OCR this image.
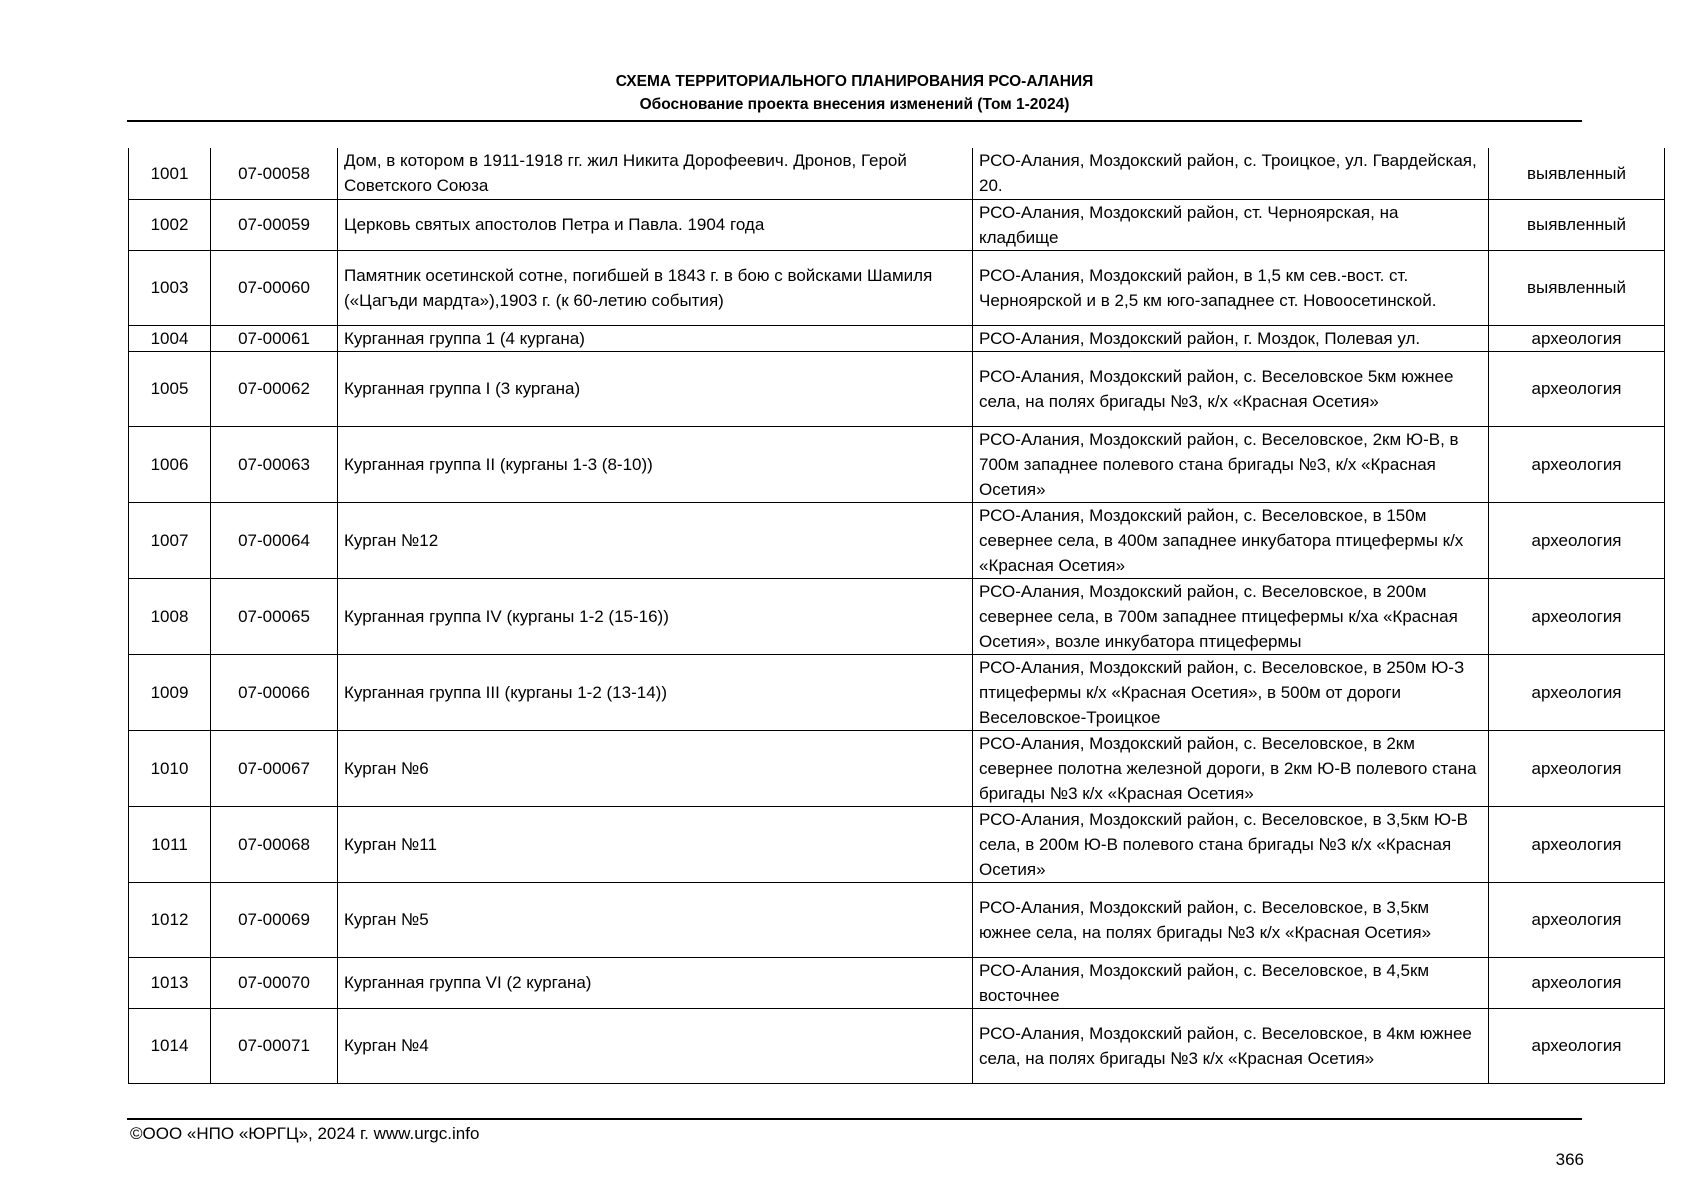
СХЕМА ТЕРРИТОРИАЛЬНОГО ПЛАНИРОВАНИЯ РСО-АЛАНИЯ
Обоснование проекта внесения изменений (Том 1-2024)
1001	07-00058	Дом, в котором в 1911-1918 гг. жил Никита Дорофеевич. Дронов, Герой Советского Союза	РСО-Алания, Моздокский район, с. Троицкое, ул. Гвардейская, 20.	выявленный
1002	07-00059	Церковь святых апостолов Петра и Павла. 1904 года	РСО-Алания, Моздокский район, ст. Черноярская, на кладбище	выявленный
1003	07-00060	Памятник осетинской сотне, погибшей в 1843 г. в бою с войсками Шамиля («Цагъди мардта»),1903 г. (к 60-летию события)	РСО-Алания, Моздокский район, в 1,5 км сев.-вост. ст. Черноярской и в 2,5 км юго-западнее ст. Новоосетинской.	выявленный
1004	07-00061	Курганная группа 1 (4 кургана)	РСО-Алания, Моздокский район, г. Моздок, Полевая ул.	археология
1005	07-00062	Курганная группа I (3 кургана)	РСО-Алания, Моздокский район, с. Веселовское 5км южнее села, на полях бригады №3, к/х «Красная Осетия»	археология
1006	07-00063	Курганная группа II (курганы 1-3 (8-10))	РСО-Алания, Моздокский район, с. Веселовское, 2км Ю-В, в 700м западнее полевого стана бригады №3, к/х «Красная Осетия»	археология
1007	07-00064	Курган №12	РСО-Алания, Моздокский район, с. Веселовское, в 150м севернее села, в 400м западнее инкубатора птицефермы к/х «Красная Осетия»	археология
1008	07-00065	Курганная группа IV (курганы 1-2 (15-16))	РСО-Алания, Моздокский район, с. Веселовское, в 200м севернее села, в 700м западнее птицефермы к/ха «Красная Осетия», возле инкубатора птицефермы	археология
1009	07-00066	Курганная группа III (курганы 1-2 (13-14))	РСО-Алания, Моздокский район, с. Веселовское, в 250м Ю-З птицефермы к/х «Красная Осетия», в 500м от дороги Веселовское-Троицкое	археология
1010	07-00067	Курган №6	РСО-Алания, Моздокский район, с. Веселовское, в 2км севернее полотна железной дороги, в 2км Ю-В полевого стана бригады №3 к/х «Красная Осетия»	археология
1011	07-00068	Курган №11	РСО-Алания, Моздокский район, с. Веселовское, в 3,5км Ю-В села, в 200м Ю-В полевого стана бригады №3 к/х «Красная Осетия»	археология
1012	07-00069	Курган №5	РСО-Алания, Моздокский район, с. Веселовское, в 3,5км южнее села, на полях бригады №3 к/х «Красная Осетия»	археология
1013	07-00070	Курганная группа VI (2 кургана)	РСО-Алания, Моздокский район, с. Веселовское, в 4,5км восточнее	археология
1014	07-00071	Курган №4	РСО-Алания, Моздокский район, с. Веселовское, в 4км южнее села, на полях бригады №3 к/х «Красная Осетия»	археология
©ООО «НПО «ЮРГЦ», 2024 г. www.urgc.info
366
